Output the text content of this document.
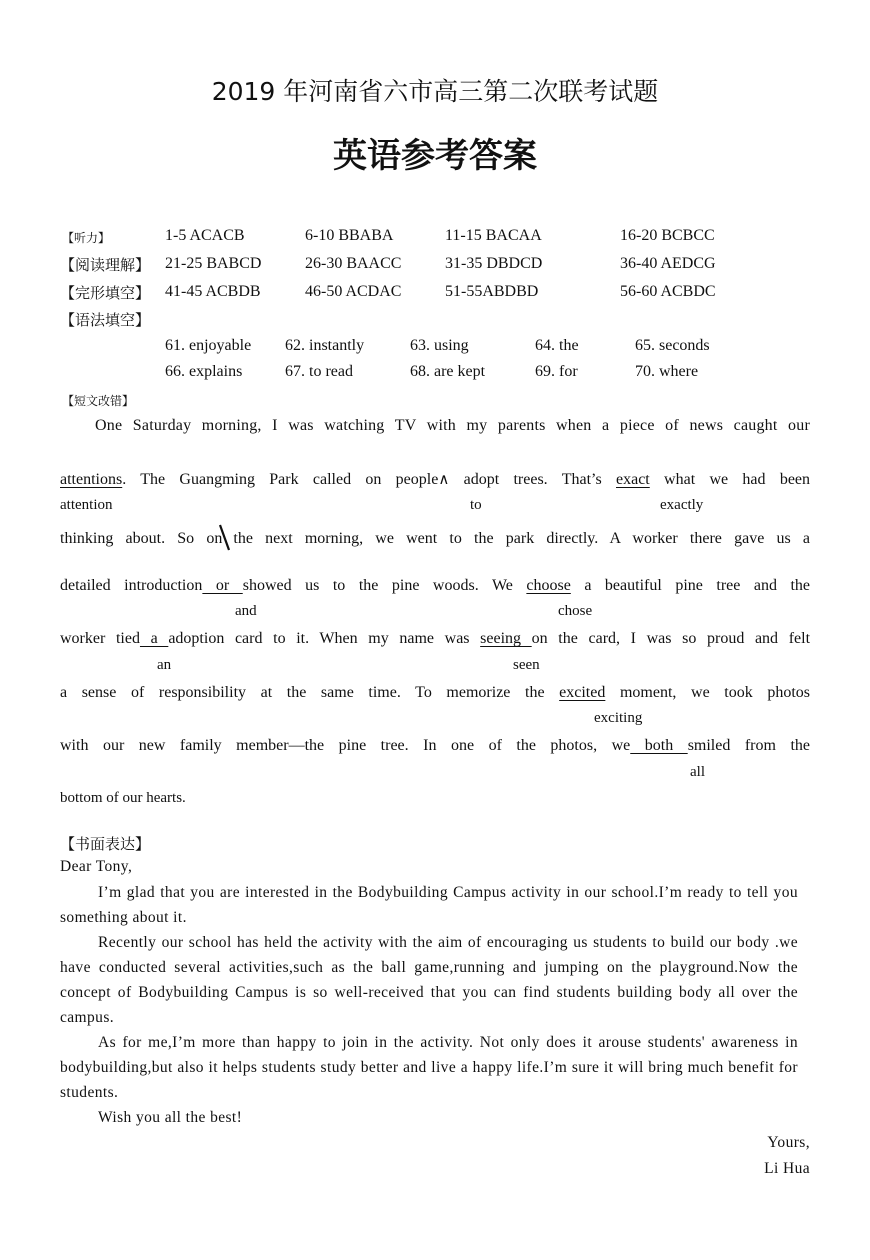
2019 年河南省六市高三第二次联考试题
英语参考答案
【听力】	1-5 ACACB	6-10 BBABA	11-15 BACAA	16-20 BCBCC
【阅读理解】 21-25 BABCD	26-30 BAACC	31-35 DBDCD	36-40 AEDCG
【完形填空】 41-45 ACBDB	46-50 ACDAC	51-55ABDBD	56-60 ACBDC
【语法填空】
61. enjoyable 62. instantly	63. using	64. the	65. seconds
66. explains	67. to read	68. are kept	69. for	70. where
【短文改错】
One Saturday morning, I was watching TV with my parents when a piece of news caught our
attentions. The Guangming Park called on people∧ adopt trees. That’s exact what we had been
attention	to	exactly
thinking about. So on the next morning, we went to the park directly. A worker there gave us a
detailed introduction or showed us to the pine woods. We choose a beautiful pine tree and the
and	chose
worker tied a adoption card to it. When my name was seeing on the card, I was so proud and felt
an	seen
a sense of responsibility at the same time. To memorize the excited moment, we took photos
exciting
with our new family member—the pine tree. In one of the photos, we both smiled from the
all
bottom of our hearts.
【书面表达】
Dear Tony,
I’m glad that you are interested in the Bodybuilding Campus activity in our school.I’m ready to tell you something about it.
Recently our school has held the activity with the aim of encouraging us students to build our body .we have conducted several activities,such as the ball game,running and jumping on the playground.Now the concept of Bodybuilding Campus is so well-received that you can find students building body all over the campus.
As for me,I’m more than happy to join in the activity. Not only does it arouse students' awareness in bodybuilding,but also it helps students study better and live a happy life.I’m sure it will bring much benefit for students.
Wish you all the best!
Yours,
Li Hua
